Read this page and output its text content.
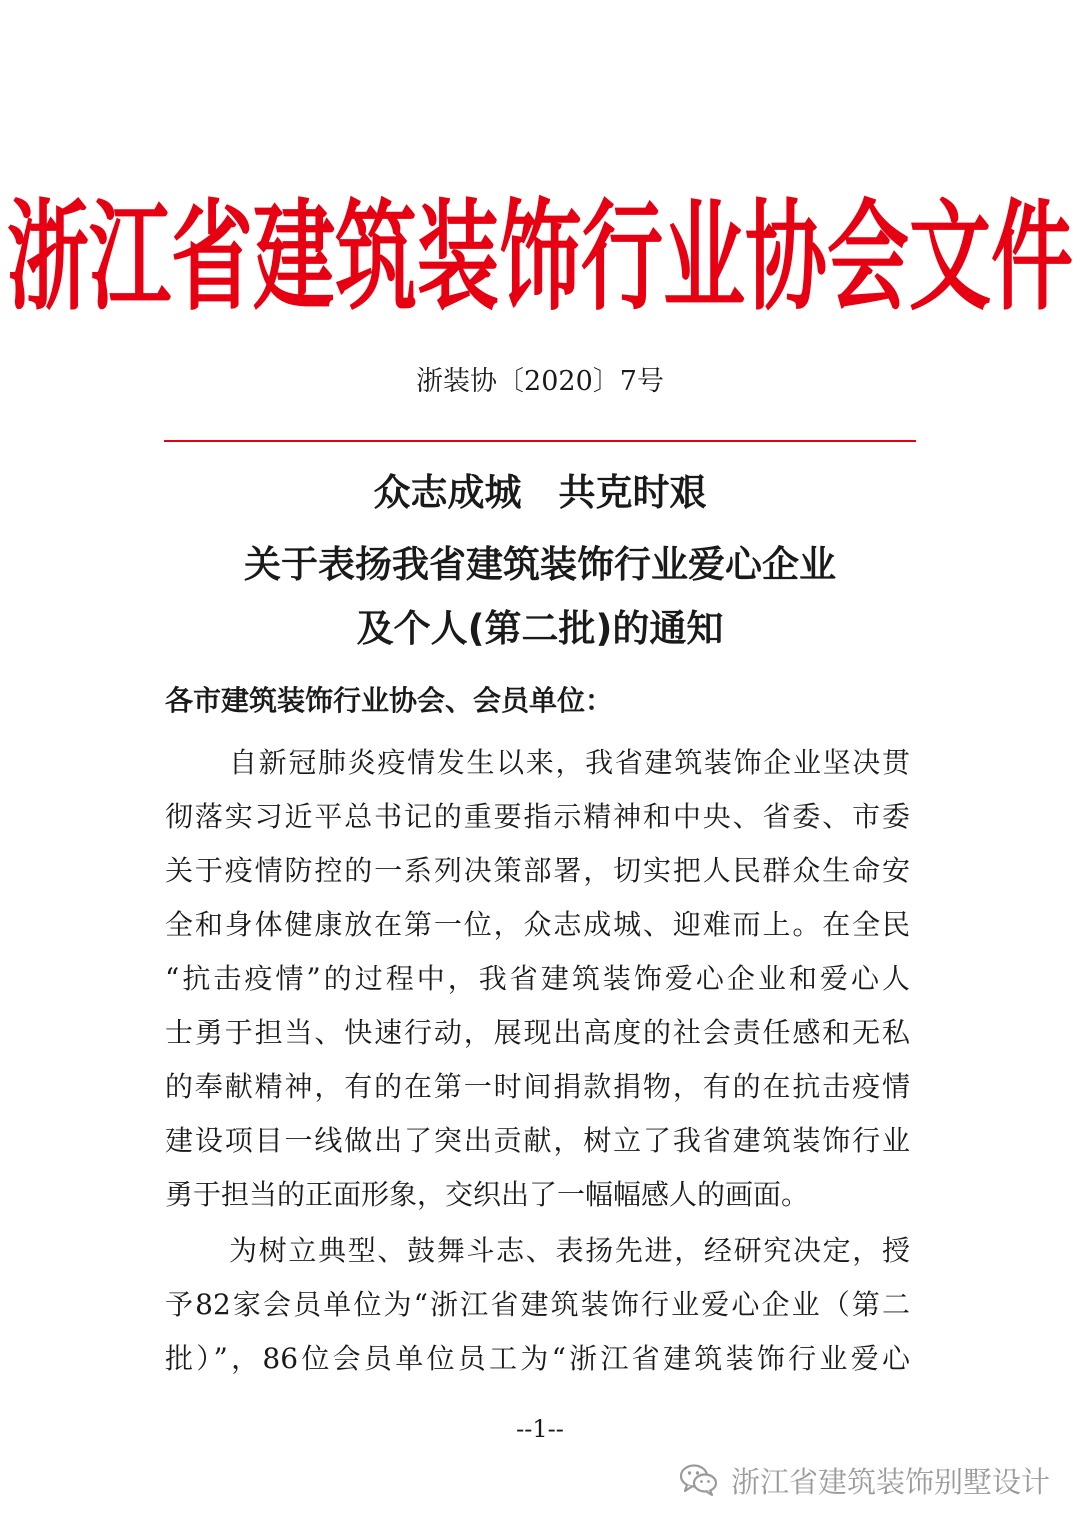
浙江省建筑装饰行业协会文件
浙装协〔2020〕7号
众志成城　共克时艰
关于表扬我省建筑装饰行业爱心企业
及个人(第二批)的通知
各市建筑装饰行业协会、会员单位：
自新冠肺炎疫情发生以来，我省建筑装饰企业坚决贯
彻落实习近平总书记的重要指示精神和中央、省委、市委
关于疫情防控的一系列决策部署，切实把人民群众生命安
全和身体健康放在第一位，众志成城、迎难而上。在全民
“抗击疫情”的过程中，我省建筑装饰爱心企业和爱心人
士勇于担当、快速行动，展现出高度的社会责任感和无私
的奉献精神，有的在第一时间捐款捐物，有的在抗击疫情
建设项目一线做出了突出贡献，树立了我省建筑装饰行业
勇于担当的正面形象，交织出了一幅幅感人的画面。
为树立典型、鼓舞斗志、表扬先进，经研究决定，授
予82家会员单位为“浙江省建筑装饰行业爱心企业（第二
批）”，86位会员单位员工为“浙江省建筑装饰行业爱心
--1--
浙江省建筑装饰别墅设计
